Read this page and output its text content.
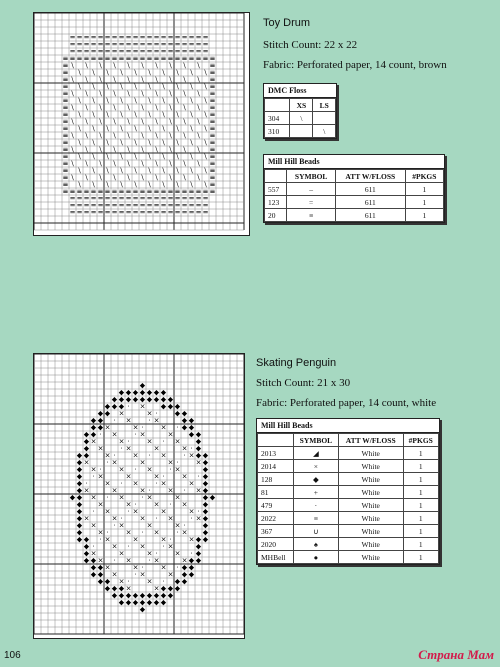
≡
≡
≡
≡
≡
≡
≡
≡
≡
≡
≡
≡
≡
≡
≡
≡
≡
≡
≡
≡
=
=
=
≡
\
\
\
\
\
\
\
\
\
≡
=
=
=
=
=
=
≡
\
\
\
\
\
\
\
\
\
≡
=
=
=
=
=
=
≡
\
\
\
\
\
\
\
\
\
≡
=
=
=
=
=
=
≡
\
\
\
\
\
\
\
\
\
≡
=
=
=
=
=
=
≡
\
\
\
\
\
\
\
\
\
≡
=
=
=
=
=
=
≡
\
\
\
\
\
\
\
\
\
≡
=
=
=
=
=
=
≡
\
\
\
\
\
\
\
\
\
≡
=
=
=
=
=
=
≡
\
\
\
\
\
\
\
\
\
≡
=
=
=
=
=
=
≡
\
\
\
\
\
\
\
\
\
≡
=
=
=
=
=
=
≡
\
\
\
\
\
\
\
\
\
≡
=
=
=
=
=
=
≡
\
\
\
\
\
\
\
\
\
≡
=
=
=
=
=
=
≡
\
\
\
\
\
\
\
\
\
≡
=
=
=
=
=
=
≡
\
\
\
\
\
\
\
\
\
≡
=
=
=
=
=
=
≡
\
\
\
\
\
\
\
\
\
≡
=
=
=
=
=
=
≡
\
\
\
\
\
\
\
\
\
≡
=
=
=
=
=
=
≡
\
\
\
\
\
\
\
\
\
≡
=
=
=
=
=
=
≡
\
\
\
\
\
\
\
\
\
≡
=
=
=
=
=
=
≡
\
\
\
\
\
\
\
\
\
≡
=
=
=
=
=
=
≡
\
\
\
\
\
\
\
\
\
≡
=
=
=
=
=
=
≡
\
\
\
\
\
\
\
\
\
≡
=
=
=
≡
≡
≡
≡
≡
≡
≡
≡
≡
≡
≡
≡
≡
≡
≡
≡
≡
≡
≡
≡
Toy Drum
Stitch Count: 22 x 22
Fabric: Perforated paper, 14 count, brown
DMC Floss
	XS	LS
304	\	
310		\
Mill Hill Beads
	SYMBOL	ATT W/FLOSS	#PKGS
557	–	611	1
123	=	611	1
20	≡	611	1
◆
◆
◆
◆
◆
◆
◆
◆
◆
◆
◆
◆
◆
◆
◆
◆
◆
◆
×
·
×
×
◆
◆
◆
◆
◆
◆
◆
×
×
·
×
·
×
·
×
◆
◆
◆
◆
◆
◆
·
×
·
×
×
×
·
×
◆
◆
◆
◆
◆
×
×
·
×
·
×
·
×
×
◆
◆
◆
◆
·
×
·
×
×
×
·
×
·
×
◆
◆
◆
◆
◆
×
×
·
×
·
×
·
×
×
×
◆
◆
◆
◆
◆
·
×
·
×
×
×
·
×
·
×
·
×
◆
◆
◆
◆
×
·
×
·
×
·
×
×
×
·
◆
◆
◆
◆
◆
×
·
×
×
×
·
×
·
×
·
×
◆
◆
◆
◆
◆
×
·
×
·
×
·
×
×
×
·
×
◆
◆
◆
◆
·
×
×
×
·
×
·
×
·
×
×
◆
◆
◆
◆
◆
×
·
×
·
×
×
×
·
×
·
◆
◆
◆
◆
◆
×
×
·
×
·
×
·
×
×
◆
◆
◆
◆
·
×
·
×
×
×
·
×
·
◆
◆
◆
◆
◆
×
·
×
·
×
·
×
×
◆
◆
◆
◆
◆
◆
·
×
×
×
·
×
·
◆
◆
◆
◆
◆
◆
◆
×
·
×
·
×
◆
◆
◆
◆
◆
◆
◆
◆
◆
◆
◆
◆
◆
◆
◆
◆
◆
◆
Skating Penguin
Stitch Count: 21 x 30
Fabric: Perforated paper, 14 count, white
Mill Hill Beads
	SYMBOL	ATT W/FLOSS	#PKGS
2013	◢	White	1
2014	×	White	1
128	◆	White	1
81	+	White	1
479	·	White	1
2022	≡	White	1
367	∪	White	1
2020	♠	White	1
MHBell	●	White	1
106	Страна Мам
